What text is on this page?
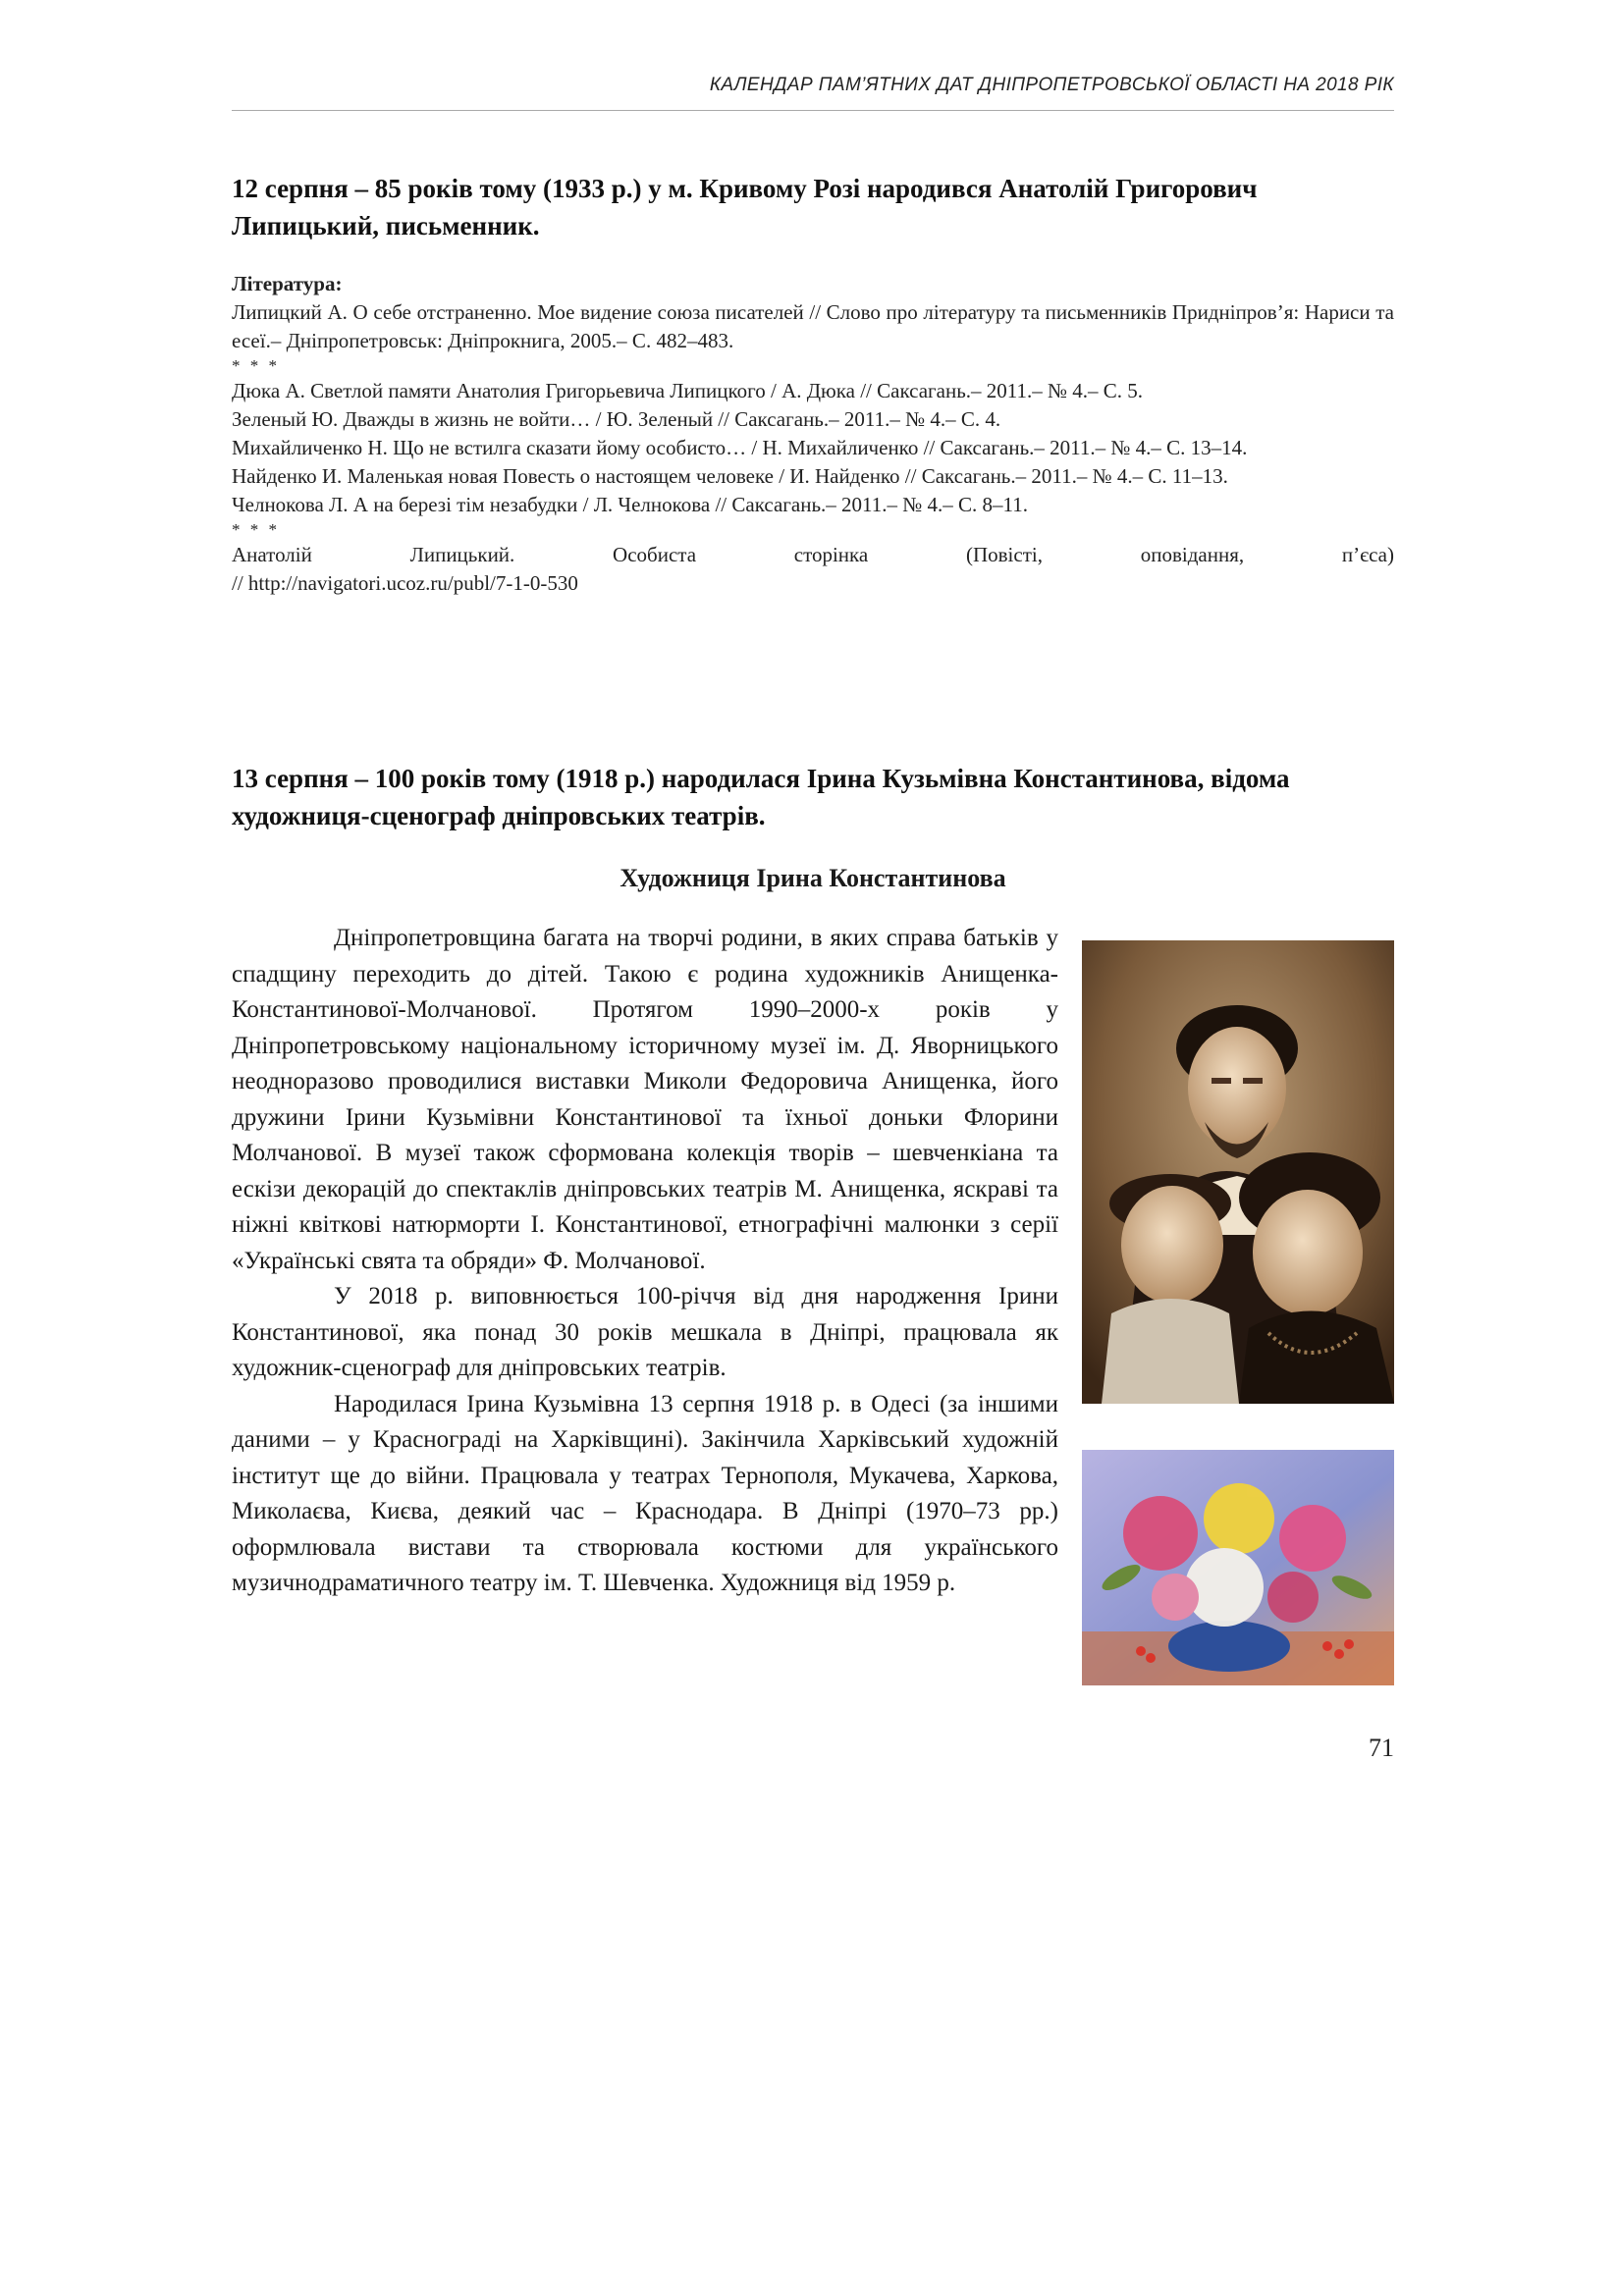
КАЛЕНДАР ПАМ’ЯТНИХ ДАТ ДНІПРОПЕТРОВСЬКОЇ ОБЛАСТІ НА 2018 РІК
12 серпня – 85 років тому (1933 р.) у м. Кривому Розі народився Анатолій Григорович Липицький, письменник.
Література:
Липицкий А. О себе отстраненно. Мое видение союза писателей // Слово про літературу та письменників Придніпров’я: Нариси та есеї.– Дніпропетровськ: Дніпрокнига, 2005.– С. 482–483.
* * *
Дюка А. Светлой памяти Анатолия Григорьевича Липицкого / А. Дюка // Саксагань.– 2011.– № 4.– С. 5.
Зеленый Ю. Дважды в жизнь не войти… / Ю. Зеленый // Саксагань.– 2011.– № 4.– С. 4.
Михайличенко Н. Що не встилга сказати йому особисто… / Н. Михайличенко // Саксагань.– 2011.– № 4.– С. 13–14.
Найденко И. Маленькая новая Повесть о настоящем человеке / И. Найденко // Саксагань.– 2011.– № 4.– С. 11–13.
Челнокова Л. А на березі тім незабудки / Л. Челнокова // Саксагань.– 2011.– № 4.– С. 8–11.
* * *
Анатолій	Липицький.	Особиста	сторінка	(Повісті,	оповідання,	п’єса)
// http://navigatori.ucoz.ru/publ/7-1-0-530
13 серпня – 100 років тому (1918 р.) народилася Ірина Кузьмівна Константинова, відома художниця-сценограф дніпровських театрів.
Художниця Ірина Константинова

Дніпропетровщина багата на творчі родини, в яких справа батьків у спадщину переходить до дітей. Такою є родина художників Анищенка-Константинової-Молчанової. Протягом 1990–2000-х років у Дніпропетровському національному історичному музеї ім. Д. Яворницького неодноразово проводилися виставки Миколи Федоровича Анищенка, його дружини Ірини Кузьмівни Константинової та їхньої доньки Флорини Молчанової. В музеї також сформована колекція творів – шевченкіана та ескізи декорацій до спектаклів дніпровських театрів М. Анищенка, яскраві та ніжні квіткові натюрморти І. Константинової, етнографічні малюнки з серії «Українські свята та обряди» Ф. Молчанової.

У 2018 р. виповнюється 100-річчя від дня народження Ірини Константинової, яка понад 30 років мешкала в Дніпрі, працювала як художник-сценограф для дніпровських театрів.

Народилася Ірина Кузьмівна 13 серпня 1918 р. в Одесі (за іншими даними – у Краснограді на Харківщині). Закінчила Харківський художній інститут ще до війни. Працювала у театрах Тернополя, Мукачева, Харкова, Миколаєва, Києва, деякий час – Краснодара. В Дніпрі (1970–73 рр.) оформлювала вистави та створювала костюми для українського музичнодраматичного театру ім. Т. Шевченка. Художниця від 1959 р.

71
